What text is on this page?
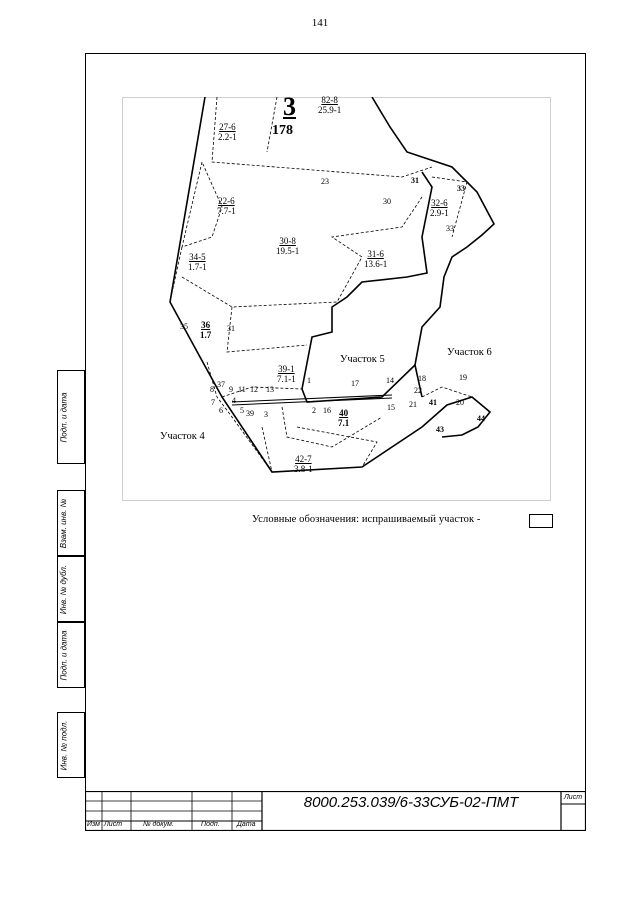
141
3
178
27-6
2.2-1
22-6
7.7-1
34-5
1.7-1
30-8
19.5-1	31-6
13.6-1
32-6
2.9-1
36
1.7
39-1
7.1-1
40
7.1
42-7
3.8-1
82-8
25.9-1
Участок 4
Участок 5
Участок 6
23
30
31
33
33
31
35
37
8 9 11 12 13
7 4
6 5 39 3	2 16
1	17	14
15
18	19
22
21 41 20
43
44
Условные обозначения: испрашиваемый участок -
Подп. и дата
Взам. инв. №
Инв. № дубл.
Подп. и дата
Инв. № подл.
8000.253.039/6-33СУБ-02-ПМТ
Изм Лист	№ докум.	Подп. Дата
Лист
